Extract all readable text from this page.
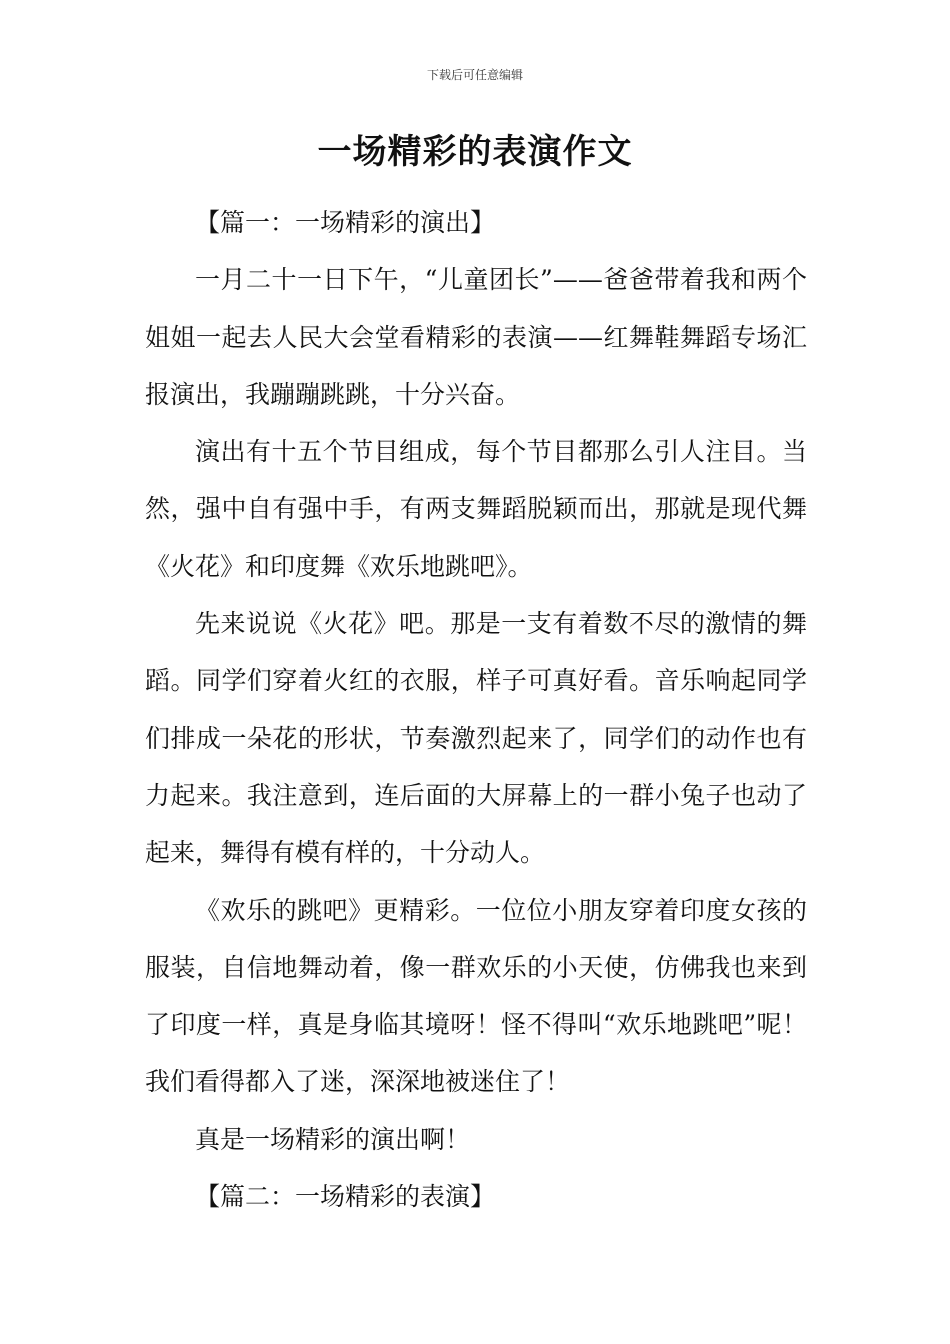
下载后可任意编辑
一场精彩的表演作文

【篇一：一场精彩的演出】

一月二十一日下午，“儿童团长”——爸爸带着我和两个姐姐一起去人民大会堂看精彩的表演——红舞鞋舞蹈专场汇报演出，我蹦蹦跳跳，十分兴奋。

演出有十五个节目组成，每个节目都那么引人注目。当然，强中自有强中手，有两支舞蹈脱颖而出，那就是现代舞《火花》和印度舞《欢乐地跳吧》。

先来说说《火花》吧。那是一支有着数不尽的激情的舞蹈。同学们穿着火红的衣服，样子可真好看。音乐响起同学们排成一朵花的形状，节奏激烈起来了，同学们的动作也有力起来。我注意到，连后面的大屏幕上的一群小兔子也动了起来，舞得有模有样的，十分动人。

《欢乐的跳吧》更精彩。一位位小朋友穿着印度女孩的服装，自信地舞动着，像一群欢乐的小天使，仿佛我也来到了印度一样，真是身临其境呀！怪不得叫“欢乐地跳吧”呢！我们看得都入了迷，深深地被迷住了！

真是一场精彩的演出啊！

【篇二：一场精彩的表演】
